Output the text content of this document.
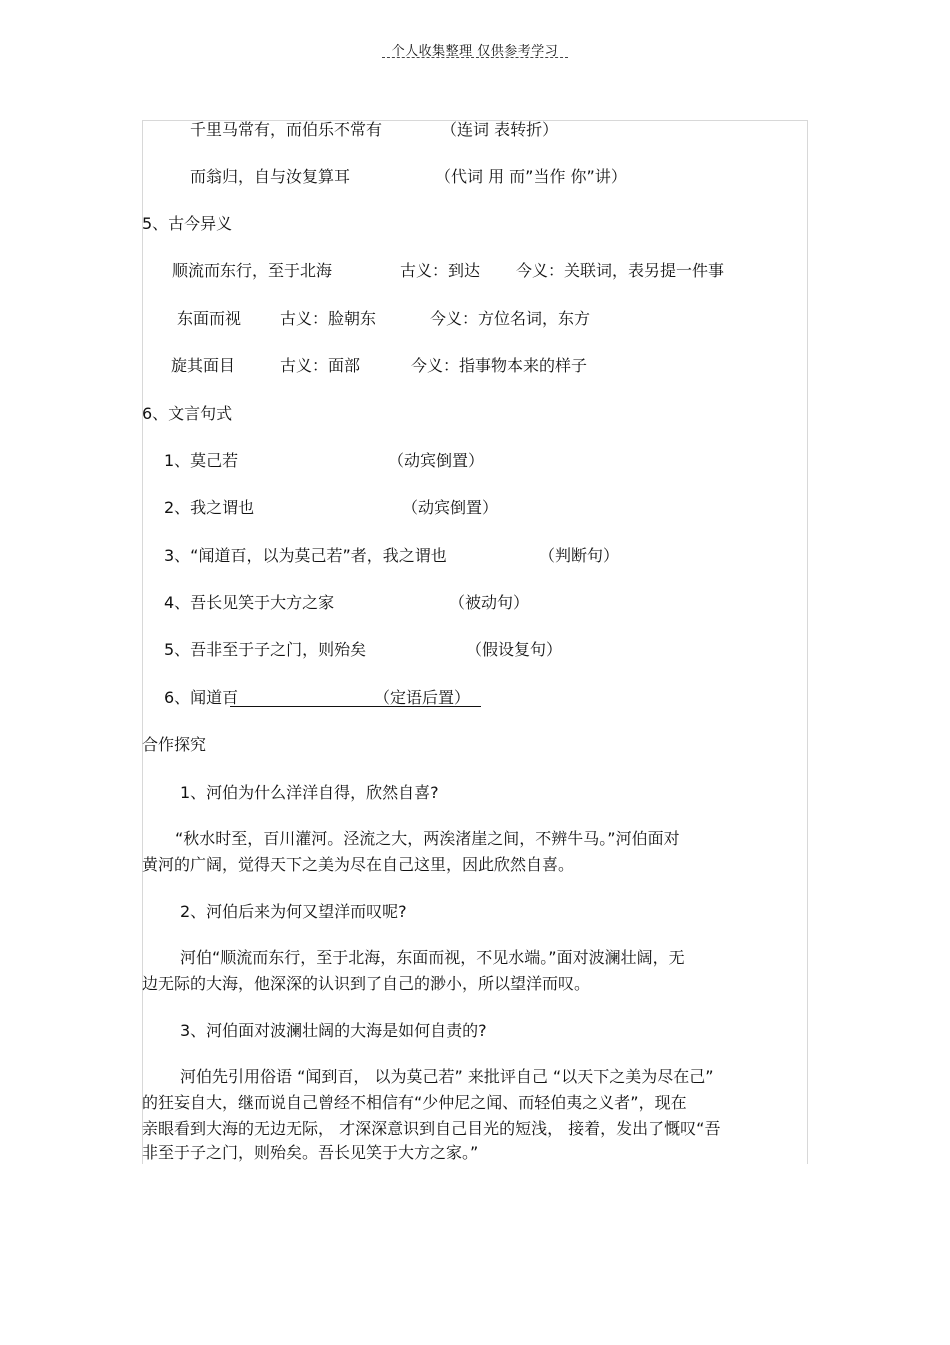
个人收集整理 仅供参考学习
千里马常有，而伯乐不常有	（连词 表转折）
而翁归，自与汝复算耳	（代词 用 而”当作 你”讲）
5、古今异义
顺流而东行，至于北海	古义：到达 今义：关联词，表另提一件事
东面而视 古义：脸朝东	今义：方位名词，东方
旋其面目	古义：面部	今义：指事物本来的样子
6、文言句式
1、莫己若	（动宾倒置）
2、我之谓也	（动宾倒置）
3、“闻道百，以为莫己若”者，我之谓也	（判断句）
4、吾长见笑于大方之家	（被动句）
5、吾非至于子之门，则殆矣	（假设复句）
6、闻道百	（定语后置）
合作探究
1、河伯为什么洋洋自得，欣然自喜?
“秋水时至，百川灌河。泾流之大，两涘渚崖之间，不辨牛马。”河伯面对
黄河的广阔，觉得天下之美为尽在自己这里，因此欣然自喜。
2、河伯后来为何又望洋而叹呢?
河伯“顺流而东行，至于北海，东面而视，不见水端。”面对波澜壮阔，无
边无际的大海，他深深的认识到了自己的渺小，所以望洋而叹。
3、河伯面对波澜壮阔的大海是如何自责的?
河伯先引用俗语 “闻到百， 以为莫己若” 来批评自己 “以天下之美为尽在己”
的狂妄自大，继而说自己曾经不相信有“少仲尼之闻、而轻伯夷之义者”，现在
亲眼看到大海的无边无际， 才深深意识到自己目光的短浅， 接着，发出了慨叹“吾
非至于子之门，则殆矣。吾长见笑于大方之家。”
